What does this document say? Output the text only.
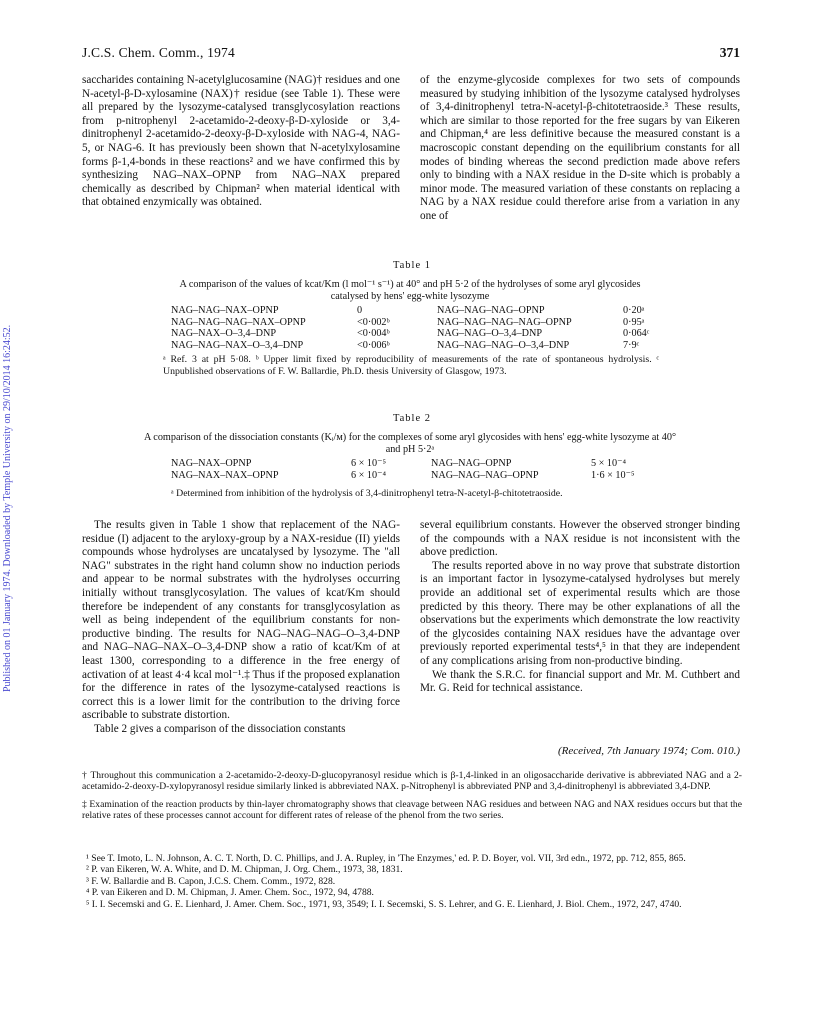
Published on 01 January 1974. Downloaded by Temple University on 29/10/2014 16:24:52.
J.C.S. Chem. Comm., 1974	371

saccharides containing N-acetylglucosamine (NAG)† residues and one N-acetyl-β-D-xylosamine (NAX)† residue (see Table 1). These were all prepared by the lysozyme-catalysed transglycosylation reactions from p-nitrophenyl 2-acetamido-2-deoxy-β-D-xyloside or 3,4-dinitrophenyl 2-acetamido-2-deoxy-β-D-xyloside with NAG-4, NAG-5, or NAG-6. It has previously been shown that N-acetylxylosamine forms β-1,4-bonds in these reactions² and we have confirmed this by synthesizing NAG–NAX–OPNP from NAG–NAX prepared chemically as described by Chipman² when material identical with that obtained enzymically was obtained.

of the enzyme-glycoside complexes for two sets of compounds measured by studying inhibition of the lysozyme catalysed hydrolyses of 3,4-dinitrophenyl tetra-N-acetyl-β-chitotetraoside.³ These results, which are similar to those reported for the free sugars by van Eikeren and Chipman,⁴ are less definitive because the measured constant is a macroscopic constant depending on the equilibrium constants for all modes of binding whereas the second prediction made above refers only to binding with a NAX residue in the D-site which is probably a minor mode. The measured variation of these constants on replacing a NAG by a NAX residue could therefore arise from a variation in any one of

Table 1
A comparison of the values of kcat/Km (l mol⁻¹ s⁻¹) at 40° and pH 5·2 of the hydrolyses of some aryl glycosides catalysed by hens' egg-white lysozyme
NAG–NAG–NAX–OPNP	0	NAG–NAG–NAG–OPNP	0·20ᵃ
NAG–NAG–NAG–NAX–OPNP	<0·002ᵇ	NAG–NAG–NAG–NAG–OPNP	0·95ᵃ
NAG–NAX–O–3,4–DNP	<0·004ᵇ	NAG–NAG–O–3,4–DNP	0·064ᶜ
NAG–NAG–NAX–O–3,4–DNP	<0·006ᵇ	NAG–NAG–NAG–O–3,4–DNP	7·9ᶜ
ᵃ Ref. 3 at pH 5·08. ᵇ Upper limit fixed by reproducibility of measurements of the rate of spontaneous hydrolysis. ᶜ Unpublished observations of F. W. Ballardie, Ph.D. thesis University of Glasgow, 1973.
Table 2
A comparison of the dissociation constants (Kᵢ/м) for the complexes of some aryl glycosides with hens' egg-white lysozyme at 40° and pH 5·2ᵃ
NAG–NAX–OPNP	6 × 10⁻⁵	NAG–NAG–OPNP	5 × 10⁻⁴
NAG–NAX–NAX–OPNP	6 × 10⁻⁴	NAG–NAG–NAG–OPNP	1·6 × 10⁻⁵
ᵃ Determined from inhibition of the hydrolysis of 3,4-dinitrophenyl tetra-N-acetyl-β-chitotetraoside.

The results given in Table 1 show that replacement of the NAG-residue (I) adjacent to the aryloxy-group by a NAX-residue (II) yields compounds whose hydrolyses are uncatalysed by lysozyme. The "all NAG" substrates in the right hand column show no induction periods and appear to be normal substrates with the hydrolyses occurring initially without transglycosylation. The values of kcat/Km should therefore be independent of any constants for transglycosylation as well as being independent of the equilibrium constants for non-productive binding. The results for NAG–NAG–NAG–O–3,4-DNP and NAG–NAG–NAX–O–3,4-DNP show a ratio of kcat/Km of at least 1300, corresponding to a difference in the free energy of activation of at least 4·4 kcal mol⁻¹.‡ Thus if the proposed explanation for the difference in rates of the lysozyme-catalysed reactions is correct this is a lower limit for the contribution to the driving force ascribable to substrate distortion.

Table 2 gives a comparison of the dissociation constants

several equilibrium constants. However the observed stronger binding of the compounds with a NAX residue is not inconsistent with the above prediction.

The results reported above in no way prove that substrate distortion is an important factor in lysozyme-catalysed hydrolyses but merely provide an additional set of experimental results which are those predicted by this theory. There may be other explanations of all the observations but the experiments which demonstrate the low reactivity of the glycosides containing NAX residues have the advantage over previously reported experimental tests⁴,⁵ in that they are independent of any complications arising from non-productive binding.

We thank the S.R.C. for financial support and Mr. M. Cuthbert and Mr. G. Reid for technical assistance.

(Received, 7th January 1974; Com. 010.)

† Throughout this communication a 2-acetamido-2-deoxy-D-glucopyranosyl residue which is β-1,4-linked in an oligosaccharide derivative is abbreviated NAG and a 2-acetamido-2-deoxy-D-xylopyranosyl residue similarly linked is abbreviated NAX. p-Nitrophenyl is abbreviated PNP and 3,4-dinitrophenyl is abbreviated 3,4-DNP.

‡ Examination of the reaction products by thin-layer chromatography shows that cleavage between NAG residues and between NAG and NAX residues occurs but that the relative rates of these processes cannot account for different rates of release of the phenol from the two series.

¹ See T. Imoto, L. N. Johnson, A. C. T. North, D. C. Phillips, and J. A. Rupley, in 'The Enzymes,' ed. P. D. Boyer, vol. VII, 3rd edn., 1972, pp. 712, 855, 865.

² P. van Eikeren, W. A. White, and D. M. Chipman, J. Org. Chem., 1973, 38, 1831.

³ F. W. Ballardie and B. Capon, J.C.S. Chem. Comm., 1972, 828.

⁴ P. van Eikeren and D. M. Chipman, J. Amer. Chem. Soc., 1972, 94, 4788.

⁵ I. I. Secemski and G. E. Lienhard, J. Amer. Chem. Soc., 1971, 93, 3549; I. I. Secemski, S. S. Lehrer, and G. E. Lienhard, J. Biol. Chem., 1972, 247, 4740.
